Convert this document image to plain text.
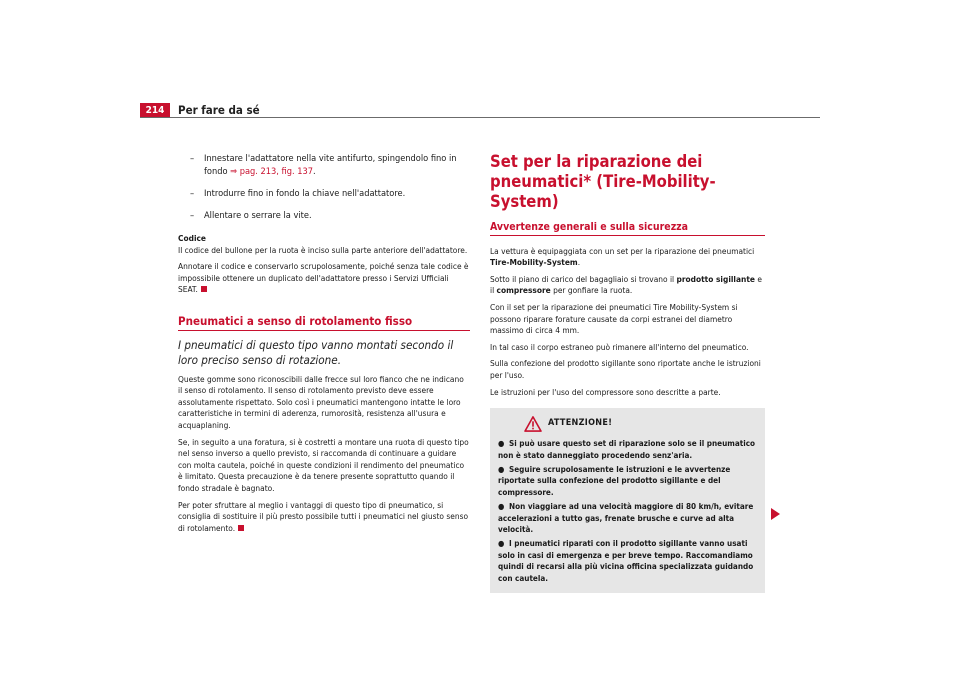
214	Per fare da sé
– Innestare l'adattatore nella vite antifurto, spingendolo fino in fondo ⇒ pag. 213, fig. 137.
– Introdurre fino in fondo la chiave nell'adattatore.
– Allentare o serrare la vite.
Codice

Il codice del bullone per la ruota è inciso sulla parte anteriore dell'adattatore.

Annotare il codice e conservarlo scrupolosamente, poiché senza tale codice è impossibile ottenere un duplicato dell'adattatore presso i Servizi Ufficiali SEAT.

Pneumatici a senso di rotolamento fisso
I pneumatici di questo tipo vanno montati secondo il loro preciso senso di rotazione.

Queste gomme sono riconoscibili dalle frecce sul loro fianco che ne indicano il senso di rotolamento. Il senso di rotolamento previsto deve essere assolutamente rispettato. Solo così i pneumatici mantengono intatte le loro caratteristiche in termini di aderenza, rumorosità, resistenza all'usura e acquaplaning.

Se, in seguito a una foratura, si è costretti a montare una ruota di questo tipo nel senso inverso a quello previsto, si raccomanda di continuare a guidare con molta cautela, poiché in queste condizioni il rendimento del pneumatico è limitato. Questa precauzione è da tenere presente soprattutto quando il fondo stradale è bagnato.

Per poter sfruttare al meglio i vantaggi di questo tipo di pneumatico, si consiglia di sostituire il più presto possibile tutti i pneumatici nel giusto senso di rotolamento.

Set per la riparazione dei pneumatici* (Tire-Mobility-System)
Avvertenze generali e sulla sicurezza

La vettura è equipaggiata con un set per la riparazione dei pneumatici Tire-Mobility-System.

Sotto il piano di carico del bagagliaio si trovano il prodotto sigillante e il compressore per gonfiare la ruota.

Con il set per la riparazione dei pneumatici Tire Mobility-System si possono riparare forature causate da corpi estranei del diametro massimo di circa 4 mm.

In tal caso il corpo estraneo può rimanere all'interno del pneumatico.

Sulla confezione del prodotto sigillante sono riportate anche le istruzioni per l'uso.

Le istruzioni per l'uso del compressore sono descritte a parte.

ATTENZIONE!
● Si può usare questo set di riparazione solo se il pneumatico non è stato danneggiato procedendo senz'aria.
● Seguire scrupolosamente le istruzioni e le avvertenze riportate sulla confezione del prodotto sigillante e del compressore.
● Non viaggiare ad una velocità maggiore di 80 km/h, evitare accelerazioni a tutto gas, frenate brusche e curve ad alta velocità.
● I pneumatici riparati con il prodotto sigillante vanno usati solo in casi di emergenza e per breve tempo. Raccomandiamo quindi di recarsi alla più vicina officina specializzata guidando con cautela.
